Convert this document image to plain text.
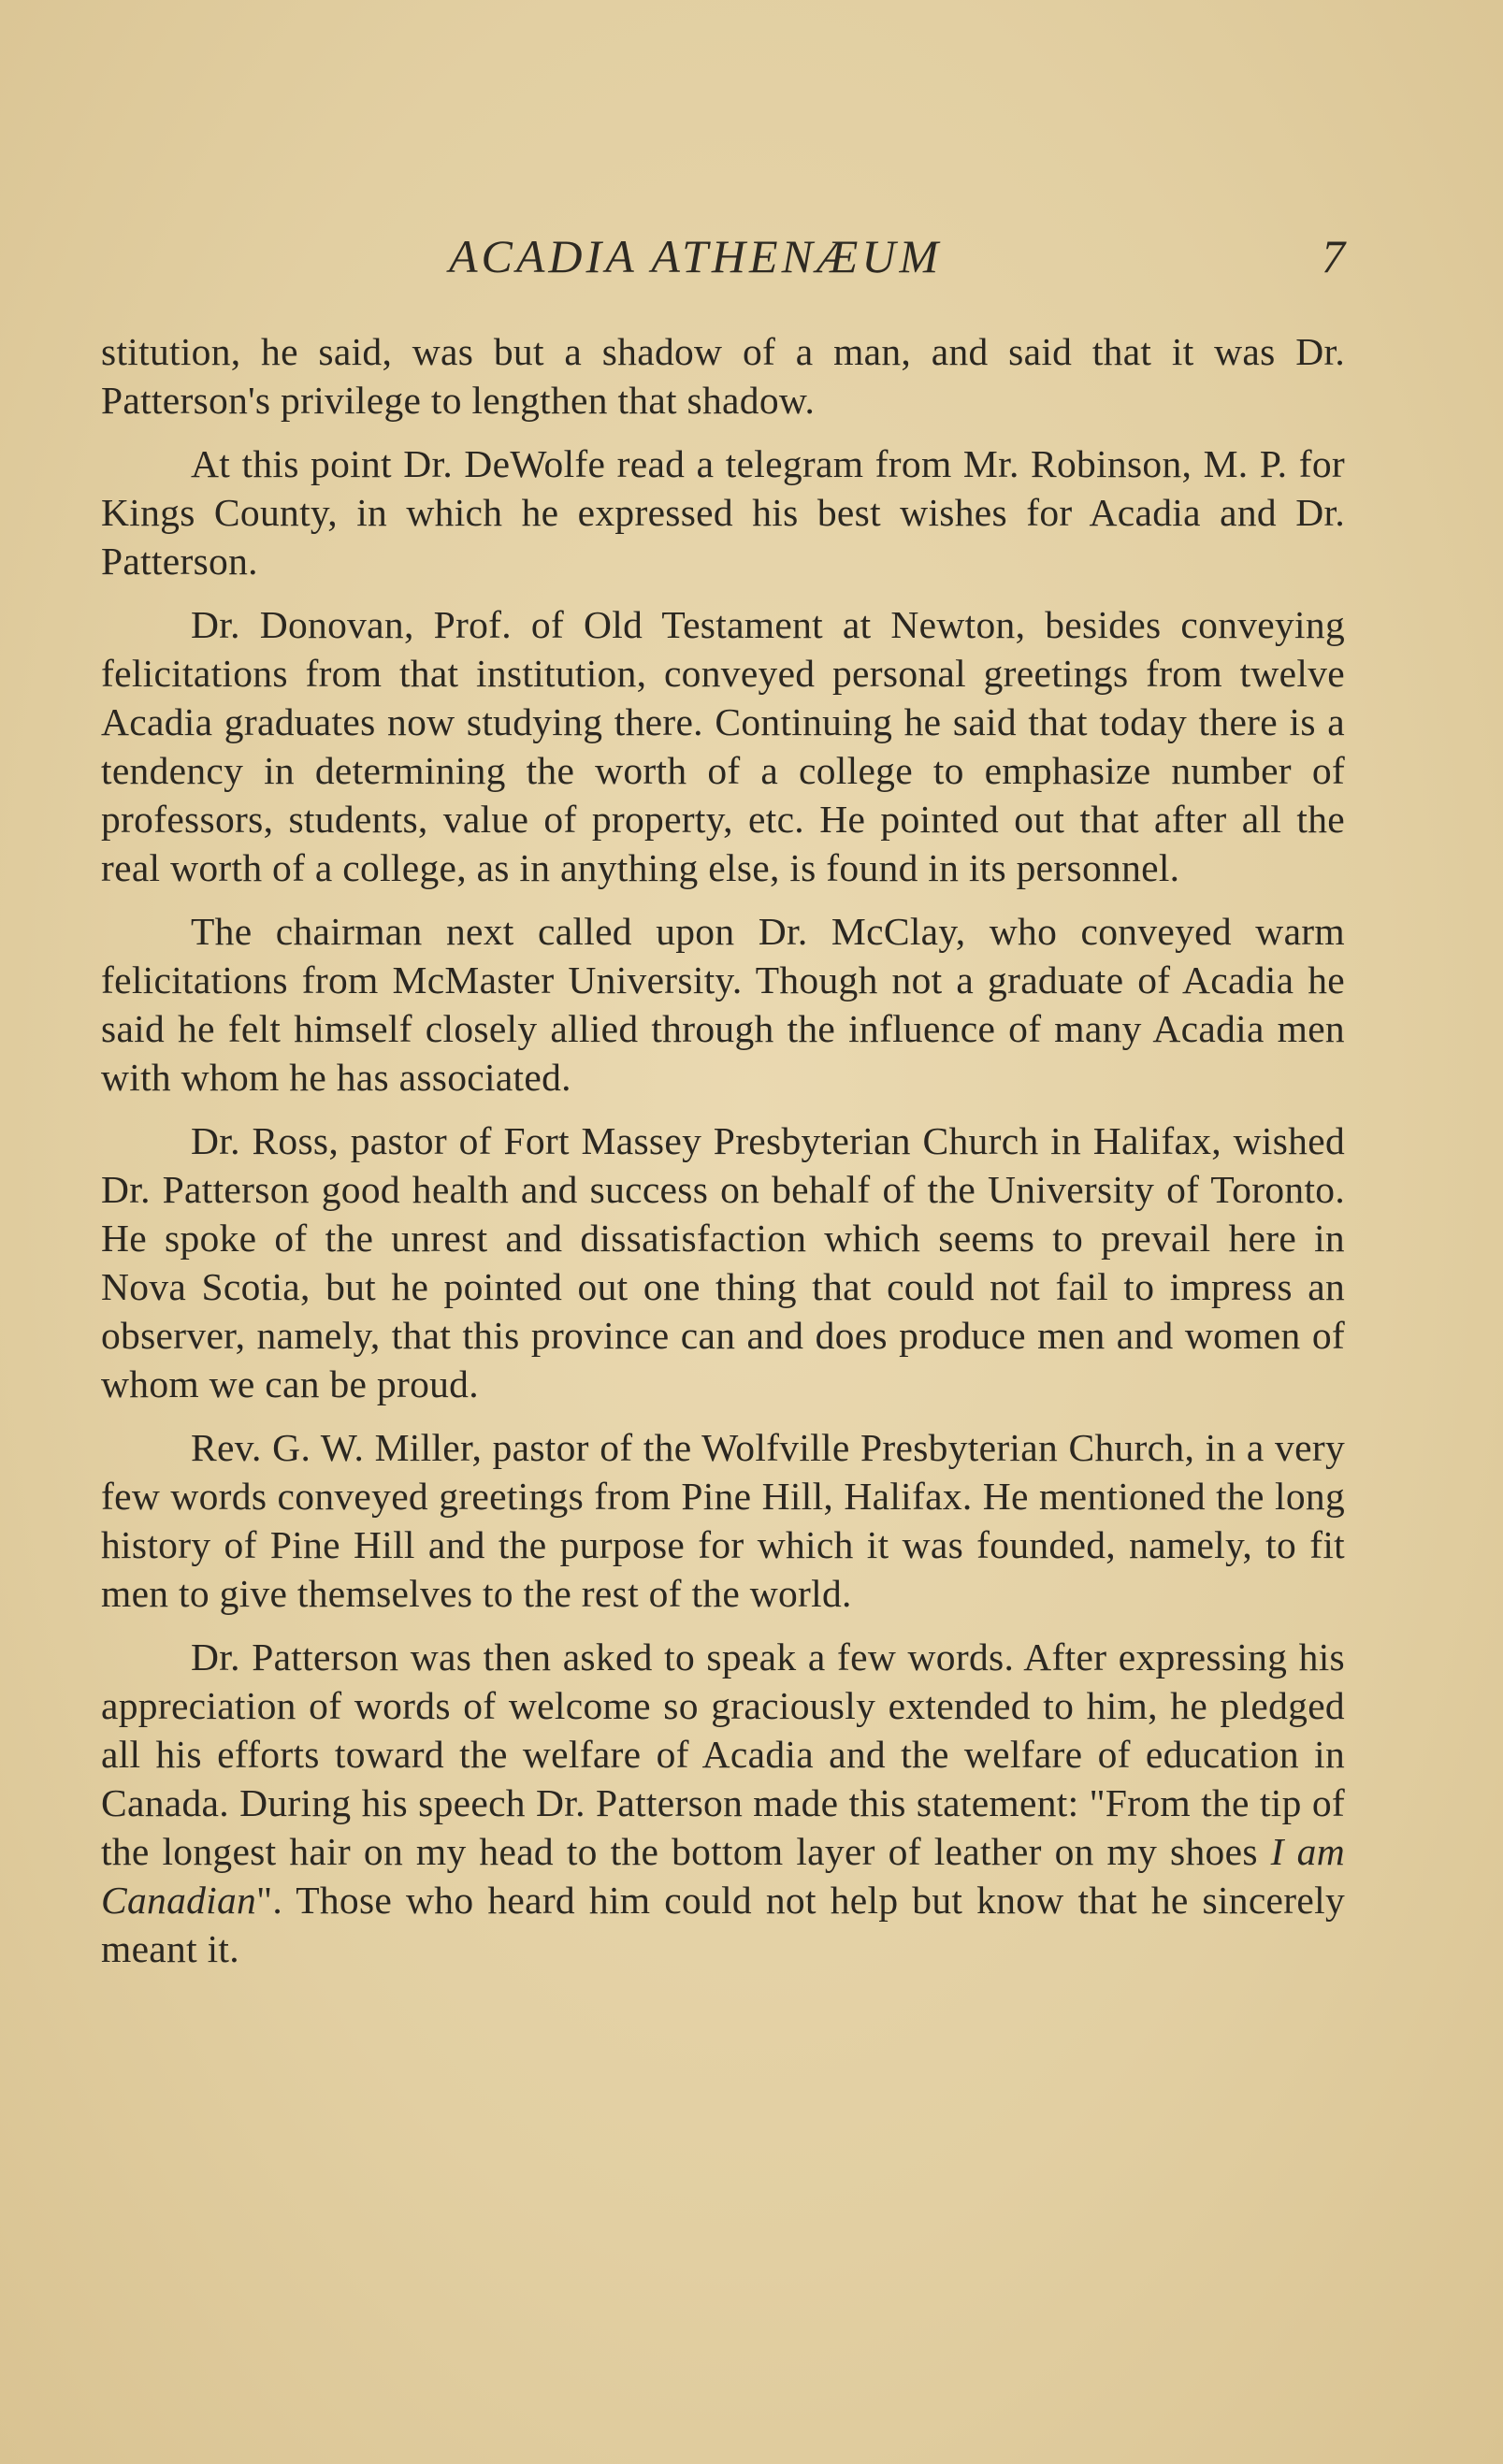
ACADIA ATHENÆUM	7

stitution, he said, was but a shadow of a man, and said that it was Dr. Patterson's privilege to lengthen that shadow.

At this point Dr. DeWolfe read a telegram from Mr. Robinson, M. P. for Kings County, in which he expressed his best wishes for Acadia and Dr. Patterson.

Dr. Donovan, Prof. of Old Testament at Newton, besides conveying felicitations from that institution, conveyed personal greetings from twelve Acadia graduates now studying there. Continuing he said that today there is a tendency in determining the worth of a college to emphasize number of professors, students, value of property, etc. He pointed out that after all the real worth of a college, as in anything else, is found in its personnel.

The chairman next called upon Dr. McClay, who conveyed warm felicitations from McMaster University. Though not a graduate of Acadia he said he felt himself closely allied through the influence of many Acadia men with whom he has associated.

Dr. Ross, pastor of Fort Massey Presbyterian Church in Halifax, wished Dr. Patterson good health and success on behalf of the University of Toronto. He spoke of the unrest and dissatisfaction which seems to prevail here in Nova Scotia, but he pointed out one thing that could not fail to impress an observer, namely, that this province can and does produce men and women of whom we can be proud.

Rev. G. W. Miller, pastor of the Wolfville Presbyterian Church, in a very few words conveyed greetings from Pine Hill, Halifax. He mentioned the long history of Pine Hill and the purpose for which it was founded, namely, to fit men to give themselves to the rest of the world.

Dr. Patterson was then asked to speak a few words. After expressing his appreciation of words of welcome so graciously extended to him, he pledged all his efforts toward the welfare of Acadia and the welfare of education in Canada. During his speech Dr. Patterson made this statement: "From the tip of the longest hair on my head to the bottom layer of leather on my shoes I am Canadian". Those who heard him could not help but know that he sincerely meant it.
